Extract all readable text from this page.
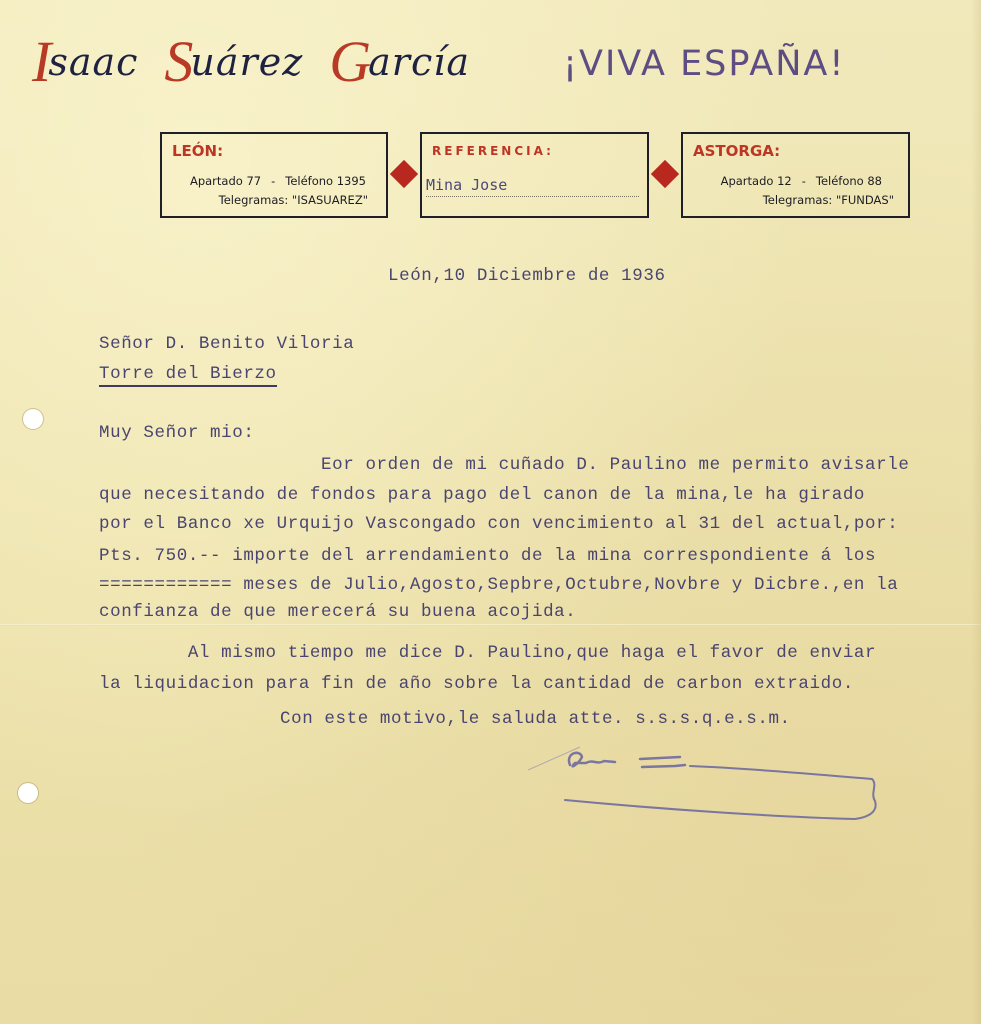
Isaac Suárez García	¡VIVA ESPAÑA!
LEÓN:
Apartado 77 - Teléfono 1395
Telegramas: "ISASUAREZ"
REFERENCIA:
Mina Jose
ASTORGA:
Apartado 12 - Teléfono 88
Telegramas: "FUNDAS"
León,10 Diciembre de 1936
Señor D. Benito Viloria
Torre del Bierzo
Muy Señor mio:
Eor orden de mi cuñado D. Paulino me permito avisarle
que necesitando de fondos para pago del canon de la mina,le ha girado
por el Banco xe Urquijo Vascongado con vencimiento al 31 del actual,por:
Pts. 750.-- importe del arrendamiento de la mina correspondiente á los
============ meses de Julio,Agosto,Sepbre,Octubre,Novbre y Dicbre.,en la
confianza de que merecerá su buena acojida.
Al mismo tiempo me dice D. Paulino,que haga el favor de enviar
la liquidacion para fin de año sobre la cantidad de carbon extraido.
Con este motivo,le saluda atte. s.s.s.q.e.s.m.
